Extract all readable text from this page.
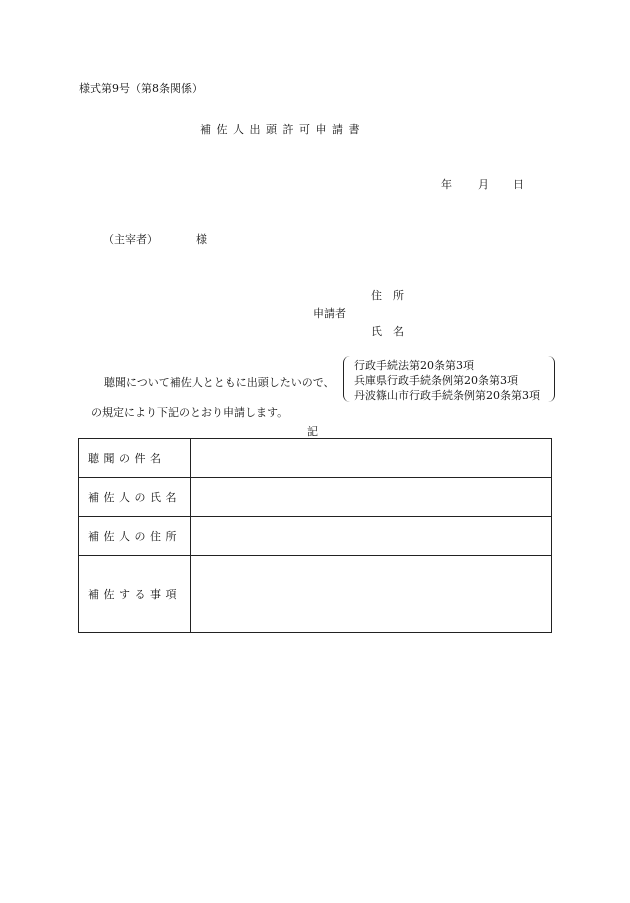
様式第9号（第8条関係）
補 佐 人 出 頭 許 可 申 請 書
年 月 日
（主宰者）	様
住　所
申請者
氏　名
聴聞について補佐人とともに出頭したいので、
行政手続法第20条第3項
兵庫県行政手続条例第20条第3項
丹波篠山市行政手続条例第20条第3項
の規定により下記のとおり申請します。
記
聴 聞 の 件 名	
補 佐 人 の 氏 名	
補 佐 人 の 住 所	
補 佐 す る 事 項	
